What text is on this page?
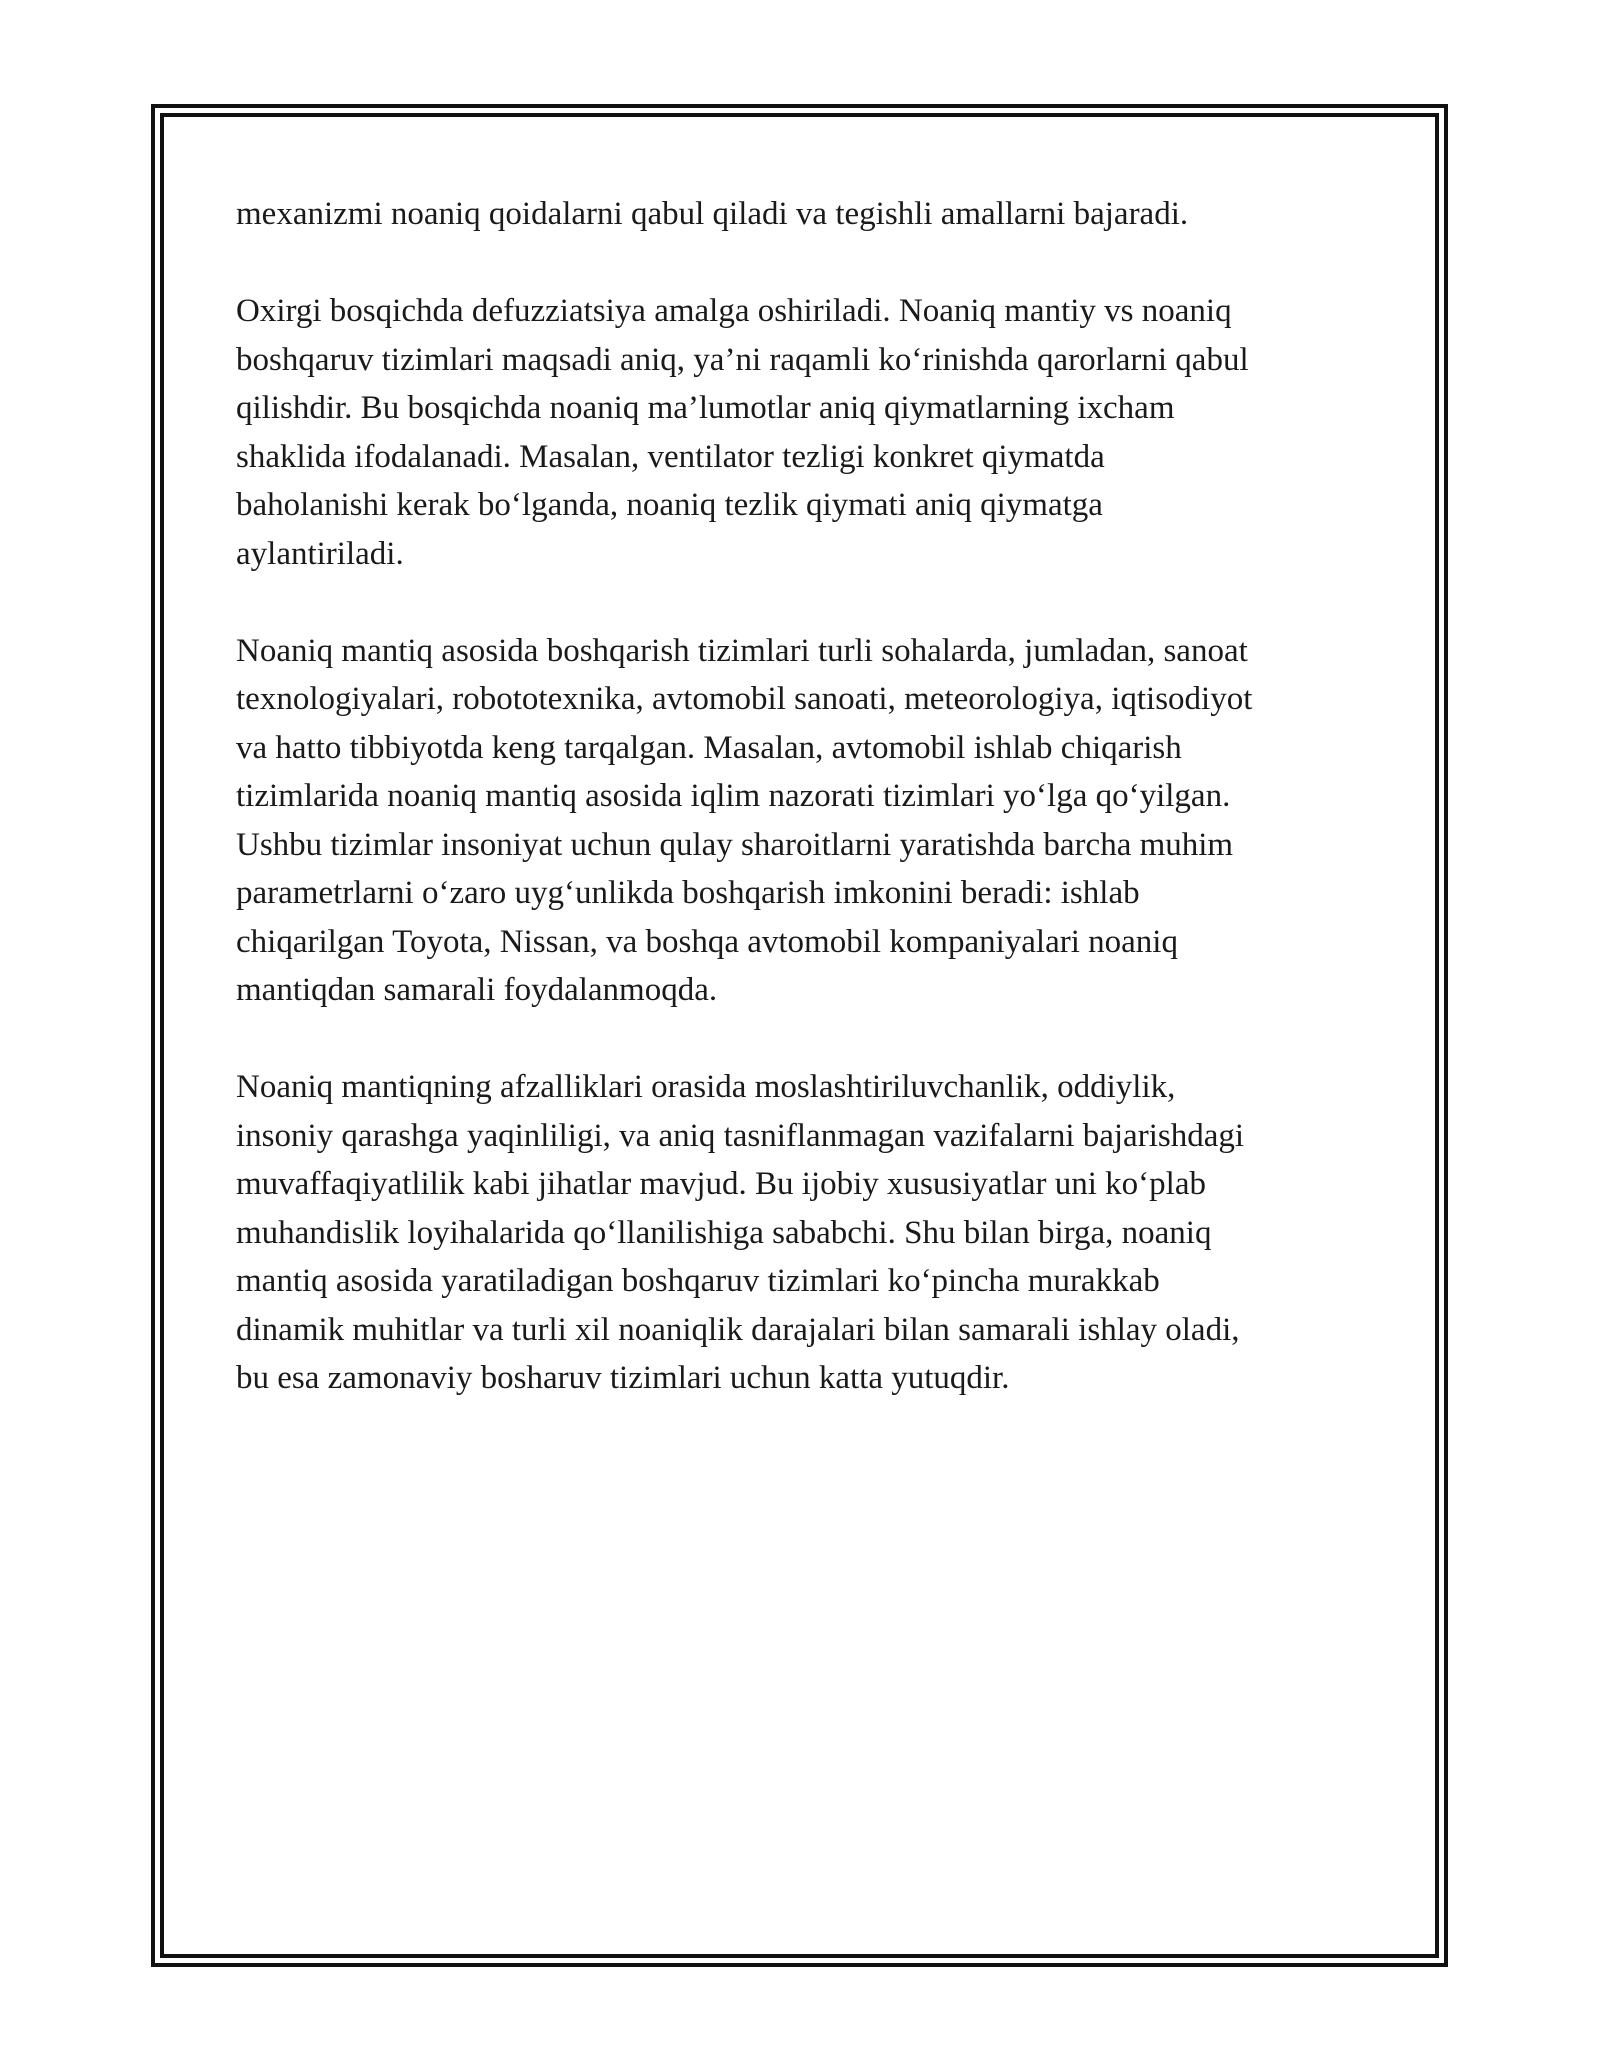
mexanizmi noaniq qoidalarni qabul qiladi va tegishli amallarni bajaradi.

Oxirgi bosqichda defuzziatsiya amalga oshiriladi. Noaniq mantiy vs noaniq
boshqaruv tizimlari maqsadi aniq, ya’ni raqamli ko‘rinishda qarorlarni qabul
qilishdir. Bu bosqichda noaniq ma’lumotlar aniq qiymatlarning ixcham
shaklida ifodalanadi. Masalan, ventilator tezligi konkret qiymatda
baholanishi kerak bo‘lganda, noaniq tezlik qiymati aniq qiymatga
aylantiriladi.

Noaniq mantiq asosida boshqarish tizimlari turli sohalarda, jumladan, sanoat
texnologiyalari, robototexnika, avtomobil sanoati, meteorologiya, iqtisodiyot
va hatto tibbiyotda keng tarqalgan. Masalan, avtomobil ishlab chiqarish
tizimlarida noaniq mantiq asosida iqlim nazorati tizimlari yo‘lga qo‘yilgan.
Ushbu tizimlar insoniyat uchun qulay sharoitlarni yaratishda barcha muhim
parametrlarni o‘zaro uyg‘unlikda boshqarish imkonini beradi: ishlab
chiqarilgan Toyota, Nissan, va boshqa avtomobil kompaniyalari noaniq
mantiqdan samarali foydalanmoqda.

Noaniq mantiqning afzalliklari orasida moslashtiriluvchanlik, oddiylik,
insoniy qarashga yaqinliligi, va aniq tasniflanmagan vazifalarni bajarishdagi
muvaffaqiyatlilik kabi jihatlar mavjud. Bu ijobiy xususiyatlar uni ko‘plab
muhandislik loyihalarida qo‘llanilishiga sababchi. Shu bilan birga, noaniq
mantiq asosida yaratiladigan boshqaruv tizimlari ko‘pincha murakkab
dinamik muhitlar va turli xil noaniqlik darajalari bilan samarali ishlay oladi,
bu esa zamonaviy bosharuv tizimlari uchun katta yutuqdir.
